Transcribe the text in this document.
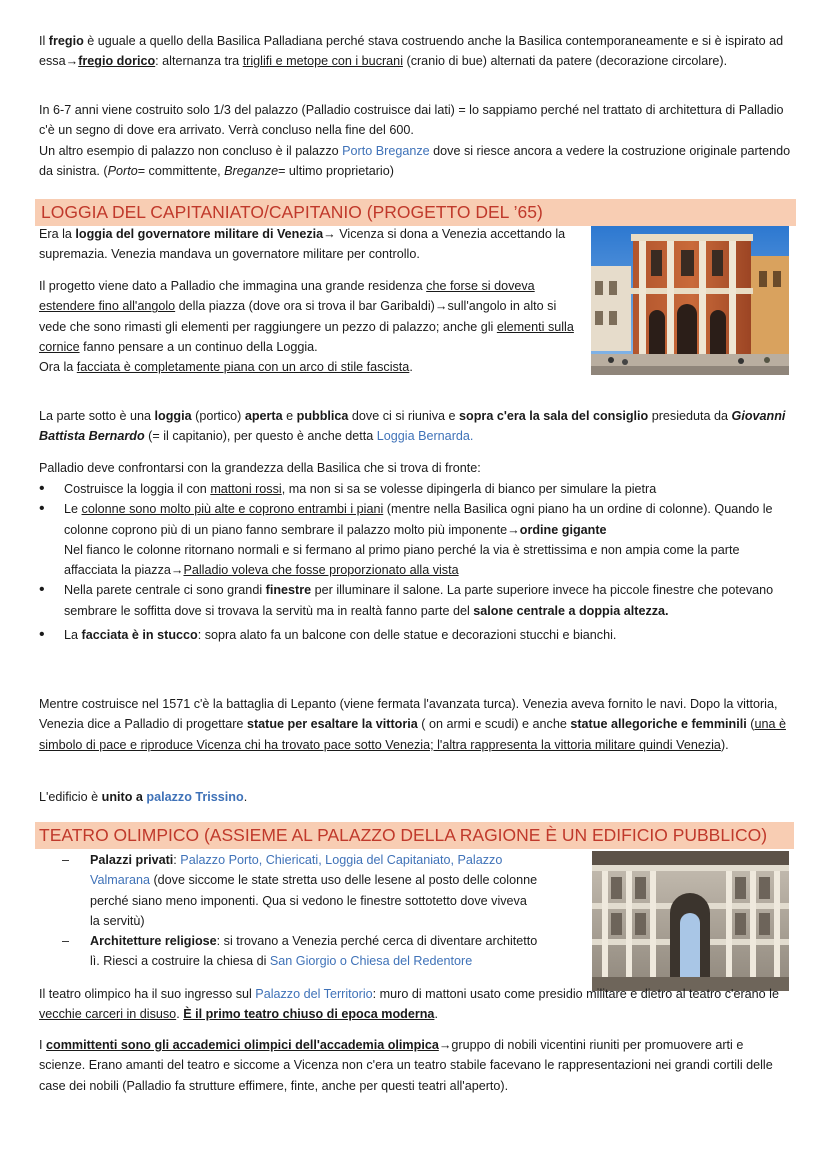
Il fregio è uguale a quello della Basilica Palladiana perché stava costruendo anche la Basilica contemporaneamente e si è ispirato ad essa→fregio dorico: alternanza tra triglifi e metope con i bucrani (cranio di bue) alternati da patere (decorazione circolare).

In 6-7 anni viene costruito solo 1/3 del palazzo (Palladio costruisce dai lati) = lo sappiamo perché nel trattato di architettura di Palladio c'è un segno di dove era arrivato. Verrà concluso nella fine del 600.

Un altro esempio di palazzo non concluso è il palazzo Porto Breganze dove si riesce ancora a vedere la costruzione originale partendo da sinistra. (Porto= committente, Breganze= ultimo proprietario)

LOGGIA DEL CAPITANIATO/CAPITANIO (PROGETTO DEL ’65)

Era la loggia del governatore militare di Venezia→ Vicenza si dona a Venezia accettando la supremazia. Venezia mandava un governatore militare per controllo.

Il progetto viene dato a Palladio che immagina una grande residenza che forse si doveva estendere fino all'angolo della piazza (dove ora si trova il bar Garibaldi)→sull'angolo in alto si vede che sono rimasti gli elementi per raggiungere un pezzo di palazzo; anche gli elementi sulla cornice fanno pensare a un continuo della Loggia.

Ora la facciata è completamente piana con un arco di stile fascista.

La parte sotto è una loggia (portico) aperta e pubblica dove ci si riuniva e sopra c'era la sala del consiglio presieduta da Giovanni Battista Bernardo (= il capitanio), per questo è anche detta Loggia Bernarda.

Palladio deve confrontarsi con la grandezza della Basilica che si trova di fronte:

• Costruisce la loggia il con mattoni rossi, ma non si sa se volesse dipingerla di bianco per simulare la pietra

• Le colonne sono molto più alte e coprono entrambi i piani (mentre nella Basilica ogni piano ha un ordine di colonne). Quando le colonne coprono più di un piano fanno sembrare il palazzo molto più imponente→ordine gigante

Nel fianco le colonne ritornano normali e si fermano al primo piano perché la via è strettissima e non ampia come la parte affacciata la piazza→Palladio voleva che fosse proporzionato alla vista

• Nella parete centrale ci sono grandi finestre per illuminare il salone. La parte superiore invece ha piccole finestre che potevano sembrare le soffitta dove si trovava la servitù ma in realtà fanno parte del salone centrale a doppia altezza.
• La facciata è in stucco: sopra alato fa un balcone con delle statue e decorazioni stucchi e bianchi.

Mentre costruisce nel 1571 c'è la battaglia di Lepanto (viene fermata l'avanzata turca). Venezia aveva fornito le navi. Dopo la vittoria, Venezia dice a Palladio di progettare statue per esaltare la vittoria ( on armi e scudi) e anche statue allegoriche e femminili (una è simbolo di pace e riproduce Vicenza chi ha trovato pace sotto Venezia; l'altra rappresenta la vittoria militare quindi Venezia).

L'edificio è unito a palazzo Trissino.

TEATRO OLIMPICO (ASSIEME AL PALAZZO DELLA RAGIONE È UN EDIFICIO PUBBLICO)
– Palazzi privati: Palazzo Porto, Chiericati, Loggia del Capitaniato, Palazzo Valmarana (dove siccome le state stretta uso delle lesene al posto delle colonne perché siano meno imponenti. Qua si vedono le finestre sottotetto dove viveva la servitù)
– Architetture religiose: si trovano a Venezia perché cerca di diventare architetto lì. Riesci a costruire la chiesa di San Giorgio o Chiesa del Redentore

Il teatro olimpico ha il suo ingresso sul Palazzo del Territorio: muro di mattoni usato come presidio militare e dietro al teatro c'erano le vecchie carceri in disuso. È il primo teatro chiuso di epoca moderna.

I committenti sono gli accademici olimpici dell'accademia olimpica→gruppo di nobili vicentini riuniti per promuovere arti e scienze. Erano amanti del teatro e siccome a Vicenza non c'era un teatro stabile facevano le rappresentazioni nei grandi cortili delle case dei nobili (Palladio fa strutture effimere, finte, anche per questi teatri all'aperto).
